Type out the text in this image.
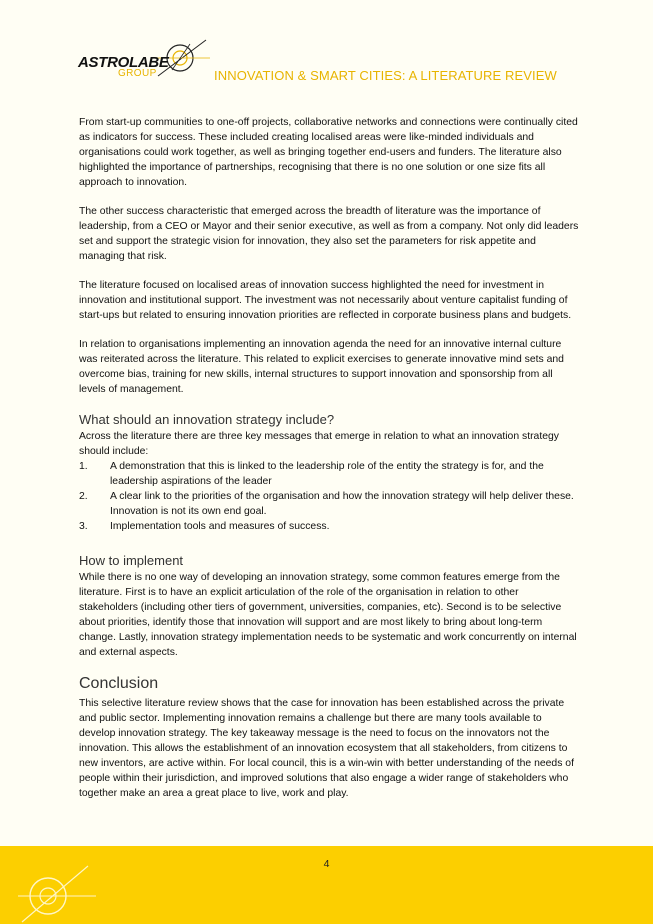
ASTROLABE
GROUP	INNOVATION & SMART CITIES: A LITERATURE REVIEW

From start-up communities to one-off projects, collaborative networks and connections were continually cited as indicators for success. These included creating localised areas were like-minded individuals and organisations could work together, as well as bringing together end-users and funders. The literature also highlighted the importance of partnerships, recognising that there is no one solution or one size fits all approach to innovation.

The other success characteristic that emerged across the breadth of literature was the importance of leadership, from a CEO or Mayor and their senior executive, as well as from a company. Not only did leaders set and support the strategic vision for innovation, they also set the parameters for risk appetite and managing that risk.

The literature focused on localised areas of innovation success highlighted the need for investment in innovation and institutional support. The investment was not necessarily about venture capitalist funding of start-ups but related to ensuring innovation priorities are reflected in corporate business plans and budgets.

In relation to organisations implementing an innovation agenda the need for an innovative internal culture was reiterated across the literature. This related to explicit exercises to generate innovative mind sets and overcome bias, training for new skills, internal structures to support innovation and sponsorship from all levels of management.

What should an innovation strategy include?

Across the literature there are three key messages that emerge in relation to what an innovation strategy should include:

1.	A demonstration that this is linked to the leadership role of the entity the strategy is for, and the leadership aspirations of the leader
2.	A clear link to the priorities of the organisation and how the innovation strategy will help deliver these. Innovation is not its own end goal.
3.	Implementation tools and measures of success.
How to implement

While there is no one way of developing an innovation strategy, some common features emerge from the literature. First is to have an explicit articulation of the role of the organisation in relation to other stakeholders (including other tiers of government, universities, companies, etc). Second is to be selective about priorities, identify those that innovation will support and are most likely to bring about long-term change. Lastly, innovation strategy implementation needs to be systematic and work concurrently on internal and external aspects.

Conclusion

This selective literature review shows that the case for innovation has been established across the private and public sector. Implementing innovation remains a challenge but there are many tools available to develop innovation strategy. The key takeaway message is the need to focus on the innovators not the innovation. This allows the establishment of an innovation ecosystem that all stakeholders, from citizens to new inventors, are active within. For local council, this is a win-win with better understanding of the needs of people within their jurisdiction, and improved solutions that also engage a wider range of stakeholders who together make an area a great place to live, work and play.

4
